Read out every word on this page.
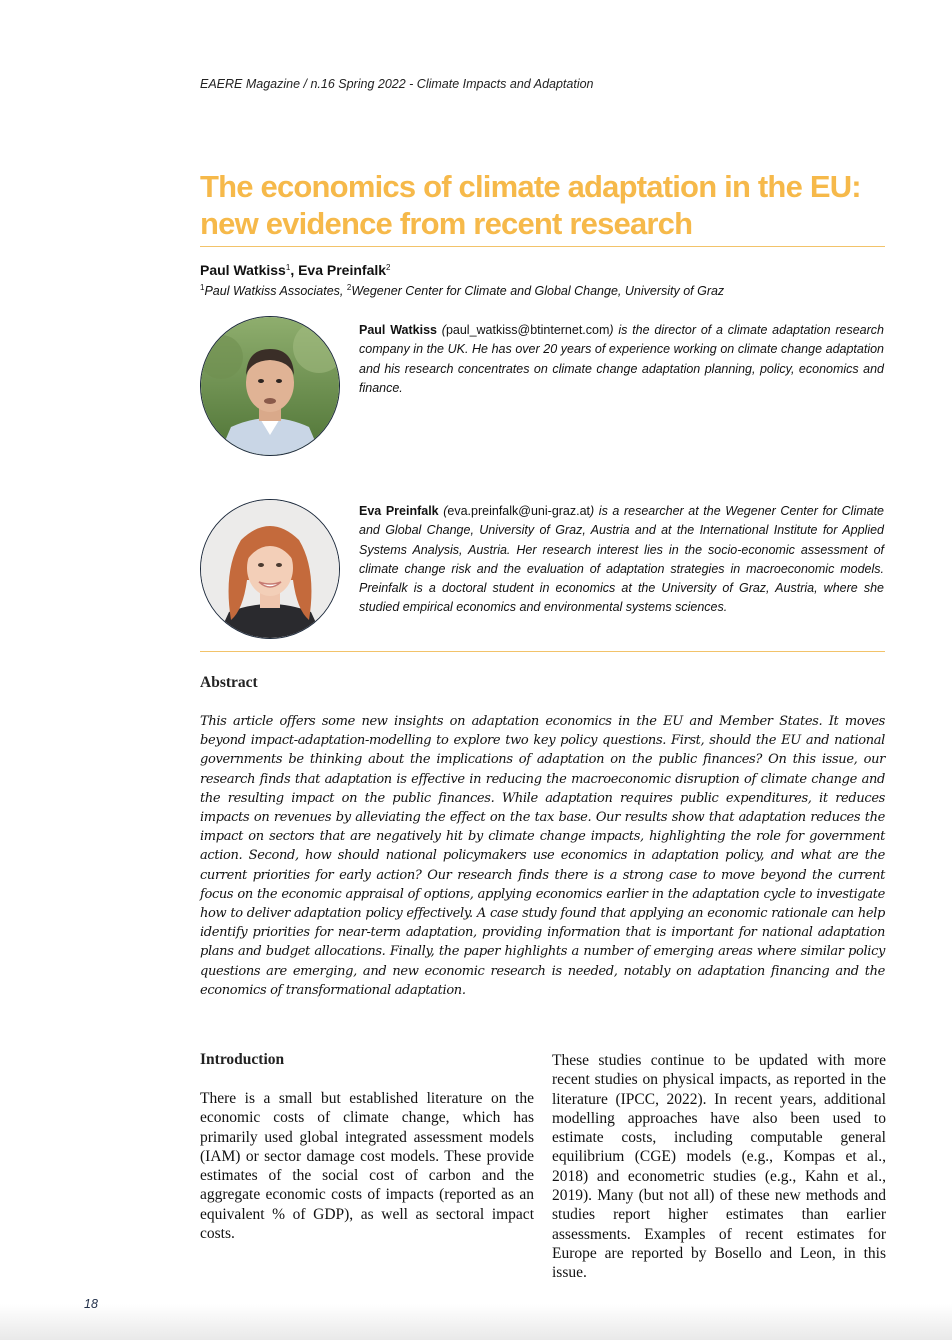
EAERE Magazine / n.16 Spring 2022 - Climate Impacts and Adaptation
The economics of climate adaptation in the EU: new evidence from recent research
Paul Watkiss$^1$, Eva Preinfalk$^2$
$^1$Paul Watkiss Associates, $^2$Wegener Center for Climate and Global Change, University of Graz
Paul Watkiss (paul_watkiss@btinternet.com) is the director of a climate adaptation research company in the UK. He has over 20 years of experience working on climate change adaptation and his research concentrates on climate change adaptation planning, policy, economics and finance.
Eva Preinfalk (eva.preinfalk@uni-graz.at) is a researcher at the Wegener Center for Climate and Global Change, University of Graz, Austria and at the International Institute for Applied Systems Analysis, Austria. Her research interest lies in the socio-economic assessment of climate change risk and the evaluation of adaptation strategies in macroeconomic models. Preinfalk is a doctoral student in economics at the University of Graz, Austria, where she studied empirical economics and environmental systems sciences.
Abstract

This article offers some new insights on adaptation economics in the EU and Member States. It moves beyond impact-adaptation-modelling to explore two key policy questions. First, should the EU and national governments be thinking about the implications of adaptation on the public finances? On this issue, our research finds that adaptation is effective in reducing the macroeconomic disruption of climate change and the resulting impact on the public finances. While adaptation requires public expenditures, it reduces impacts on revenues by alleviating the effect on the tax base. Our results show that adaptation reduces the impact on sectors that are negatively hit by climate change impacts, highlighting the role for government action. Second, how should national policymakers use economics in adaptation policy, and what are the current priorities for early action? Our research finds there is a strong case to move beyond the current focus on the economic appraisal of options, applying economics earlier in the adaptation cycle to investigate how to deliver adaptation policy effectively. A case study found that applying an economic rationale can help identify priorities for near-term adaptation, providing information that is important for national adaptation plans and budget allocations. Finally, the paper highlights a number of emerging areas where similar policy questions are emerging, and new economic research is needed, notably on adaptation financing and the economics of transformational adaptation.

Introduction

There is a small but established literature on the economic costs of climate change, which has primarily used global integrated assessment models (IAM) or sector damage cost models. These provide estimates of the social cost of carbon and the aggregate economic costs of impacts (reported as an equivalent % of GDP), as well as sectoral impact costs.

These studies continue to be updated with more recent studies on physical impacts, as reported in the literature (IPCC, 2022). In recent years, additional modelling approaches have also been used to estimate costs, including computable general equilibrium (CGE) models (e.g., Kompas et al., 2018) and econometric studies (e.g., Kahn et al., 2019). Many (but not all) of these new methods and studies report higher estimates than earlier assessments. Examples of recent estimates for Europe are reported by Bosello and Leon, in this issue.

18
